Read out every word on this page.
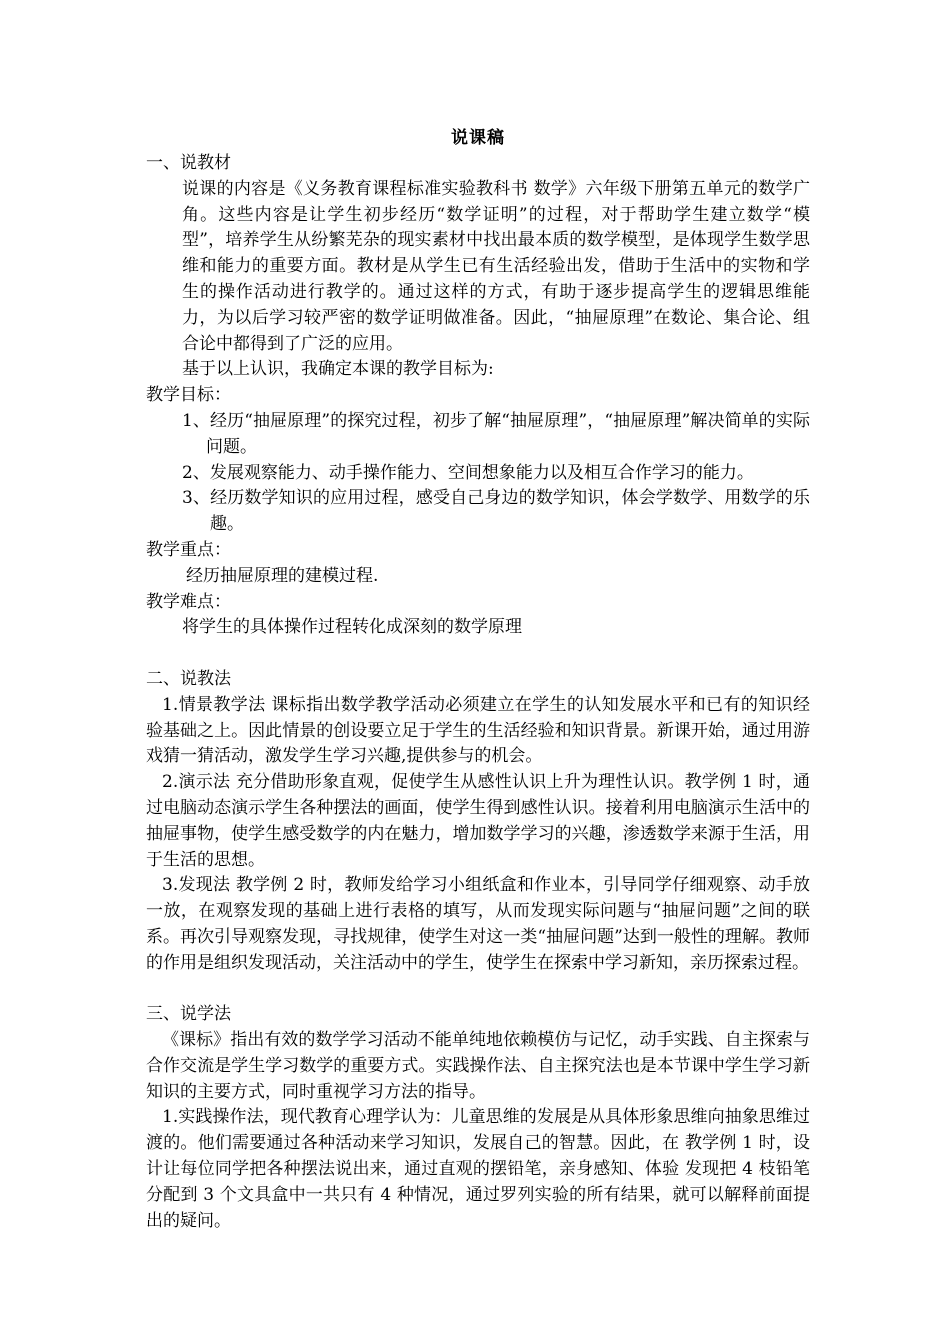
说课稿

一、说教材

说课的内容是《义务教育课程标准实验教科书 数学》六年级下册第五单元的数学广角。这些内容是让学生初步经历“数学证明”的过程，对于帮助学生建立数学“模型”，培养学生从纷繁芜杂的现实素材中找出最本质的数学模型，是体现学生数学思维和能力的重要方面。教材是从学生已有生活经验出发，借助于生活中的实物和学生的操作活动进行教学的。通过这样的方式，有助于逐步提高学生的逻辑思维能力，为以后学习较严密的数学证明做准备。因此，“抽屉原理”在数论、集合论、组合论中都得到了广泛的应用。

基于以上认识，我确定本课的教学目标为:

教学目标：

1、经历“抽屉原理”的探究过程，初步了解“抽屉原理”，“抽屉原理”解决简单的实际问题。

2、发展观察能力、动手操作能力、空间想象能力以及相互合作学习的能力。

3、经历数学知识的应用过程，感受自己身边的数学知识，体会学数学、用数学的乐趣。

教学重点：

经历抽屉原理的建模过程.

教学难点：

将学生的具体操作过程转化成深刻的数学原理

二、说教法

1.情景教学法 课标指出数学教学活动必须建立在学生的认知发展水平和已有的知识经验基础之上。因此情景的创设要立足于学生的生活经验和知识背景。新课开始，通过用游戏猜一猜活动，激发学生学习兴趣,提供参与的机会。

2.演示法 充分借助形象直观，促使学生从感性认识上升为理性认识。教学例 1 时，通过电脑动态演示学生各种摆法的画面，使学生得到感性认识。接着利用电脑演示生活中的抽屉事物，使学生感受数学的内在魅力，增加数学学习的兴趣，渗透数学来源于生活，用于生活的思想。

3.发现法 教学例 2 时，教师发给学习小组纸盒和作业本，引导同学仔细观察、动手放一放，在观察发现的基础上进行表格的填写，从而发现实际问题与“抽屉问题”之间的联系。再次引导观察发现，寻找规律，使学生对这一类“抽屉问题”达到一般性的理解。教师的作用是组织发现活动，关注活动中的学生，使学生在探索中学习新知，亲历探索过程。

三、说学法

《课标》指出有效的数学学习活动不能单纯地依赖模仿与记忆，动手实践、自主探索与合作交流是学生学习数学的重要方式。实践操作法、自主探究法也是本节课中学生学习新知识的主要方式，同时重视学习方法的指导。

1.实践操作法，现代教育心理学认为：儿童思维的发展是从具体形象思维向抽象思维过渡的。他们需要通过各种活动来学习知识，发展自己的智慧。因此，在 教学例 1 时，设计让每位同学把各种摆法说出来，通过直观的摆铅笔，亲身感知、体验 发现把 4 枝铅笔分配到 3 个文具盒中一共只有 4 种情况，通过罗列实验的所有结果，就可以解释前面提出的疑问。
